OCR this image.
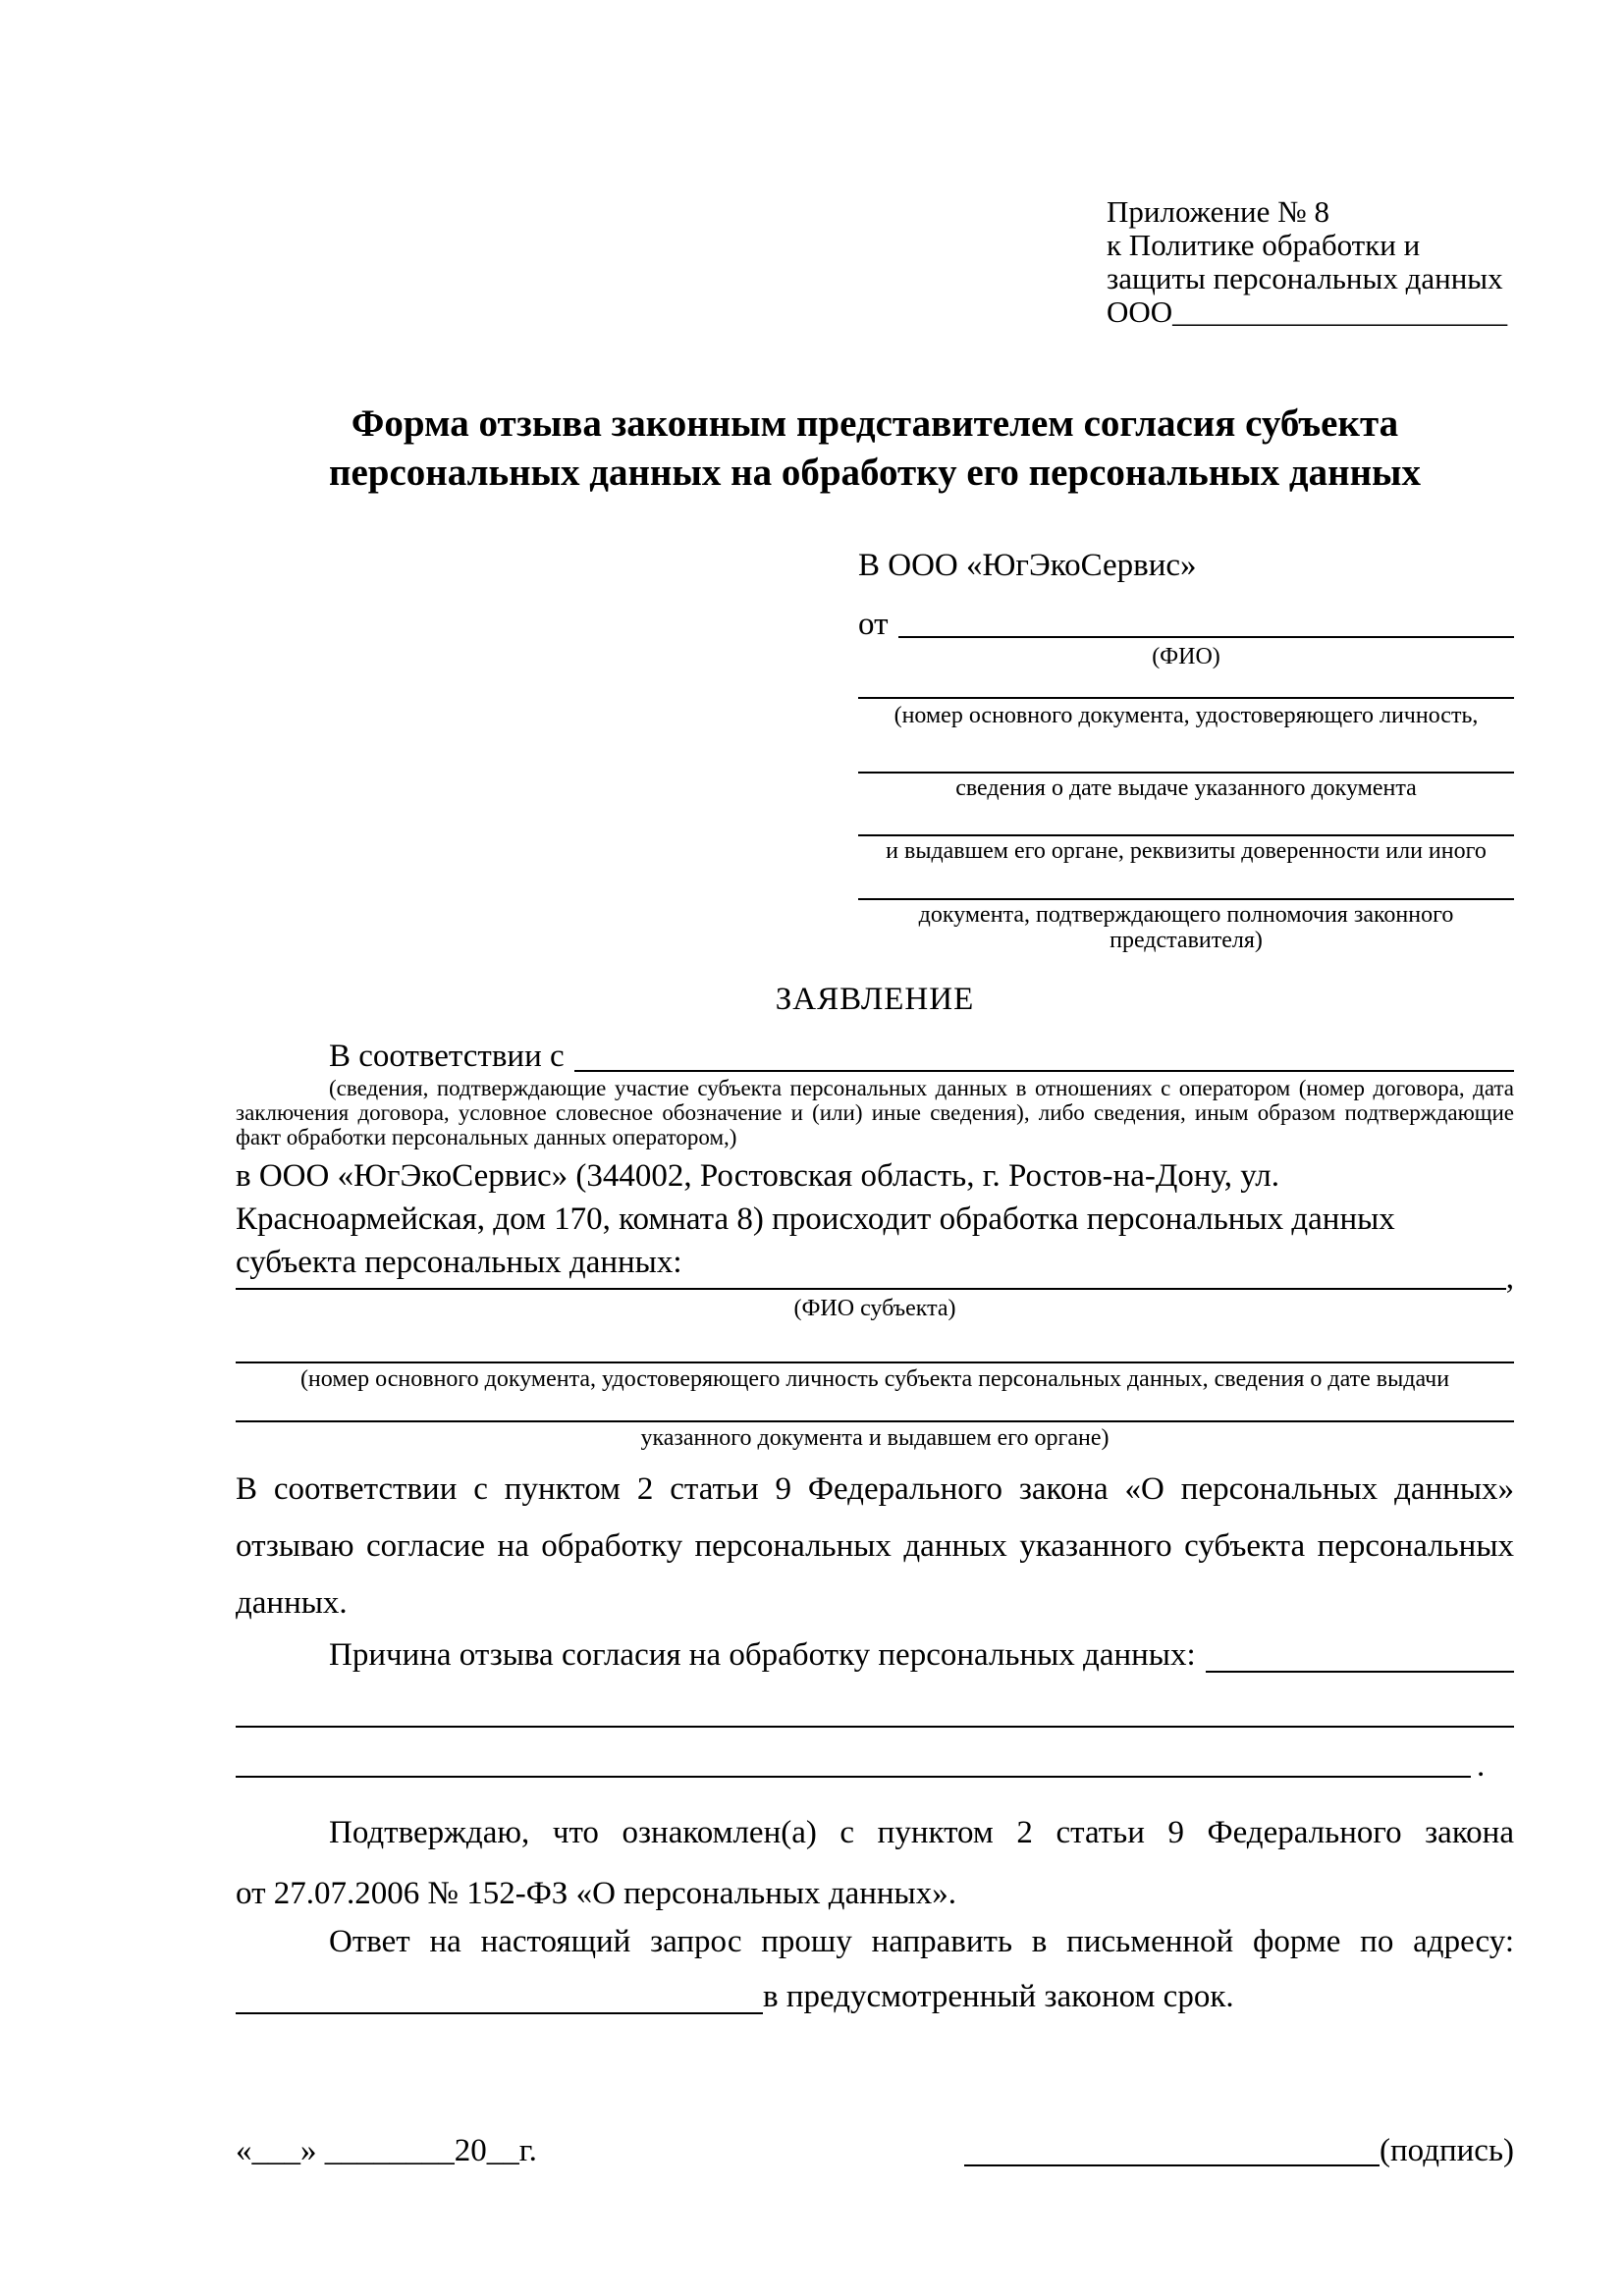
Приложение № 8
к Политике обработки и
защиты персональных данных
ООО______________________
Форма отзыва законным представителем согласия субъекта
персональных данных на обработку его персональных данных
В ООО «ЮгЭкоСервис»
от
(ФИО)
(номер основного документа, удостоверяющего личность,
сведения о дате выдаче указанного документа
и выдавшем его органе, реквизиты доверенности или иного
документа, подтверждающего полномочия законного представителя)
ЗАЯВЛЕНИЕ
В соответствии с
(сведения, подтверждающие участие субъекта персональных данных в отношениях с оператором (номер договора, дата заключения договора, условное словесное обозначение и (или) иные сведения), либо сведения, иным образом подтверждающие факт обработки персональных данных оператором,)
в ООО «ЮгЭкоСервис» (344002, Ростовская область, г. Ростов-на-Дону, ул.
Красноармейская, дом 170, комната 8) происходит обработка персональных данных
субъекта персональных данных:	,
(ФИО субъекта)
(номер основного документа, удостоверяющего личность субъекта персональных данных, сведения о дате выдачи
указанного документа и выдавшем его органе)
В соответствии с пунктом 2 статьи 9 Федерального закона «О персональных данных»
отзываю согласие на обработку персональных данных указанного субъекта персональных
данных.
Причина отзыва согласия на обработку персональных данных:
.
Подтверждаю, что ознакомлен(а) с пунктом 2 статьи 9 Федерального закона
от 27.07.2006 № 152-ФЗ «О персональных данных».
Ответ на настоящий запрос прошу направить в письменной форме по адресу:
в предусмотренный законом срок.
«___» ________20__г.	(подпись)
